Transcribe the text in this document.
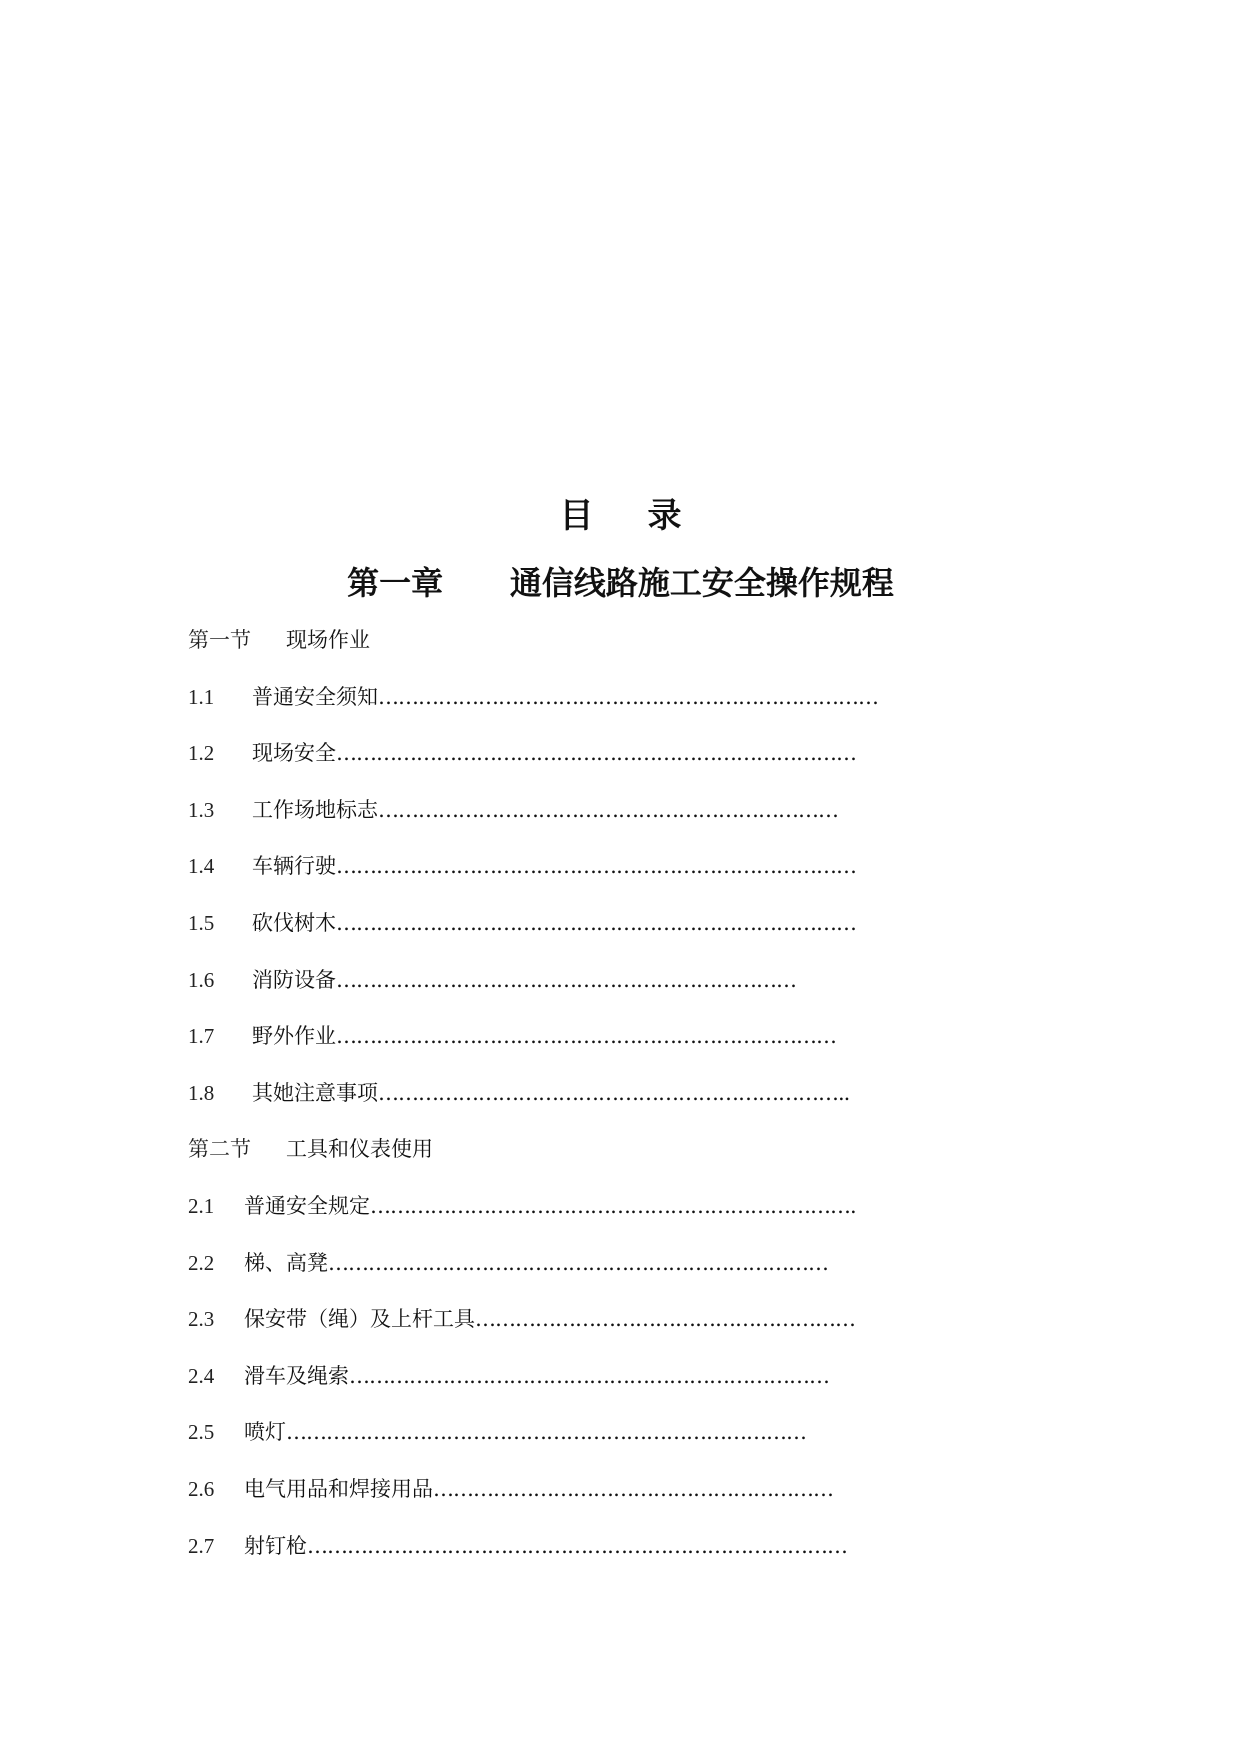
目录
第一章      通信线路施工安全操作规程
第一节 现场作业
1.1 普通安全须知…………………………………………………………………
1.2 现场安全……………………………………………………………………
1.3 工作场地标志……………………………………………………………
1.4 车辆行驶……………………………………………………………………
1.5 砍伐树木……………………………………………………………………
1.6 消防设备……………………………………………………………
1.7 野外作业…………………………………………………………………
1.8 其她注意事项……………………………………………………………..
第二节 工具和仪表使用
2.1 普通安全规定……………………………………………………………….
2.2 梯、高凳…………………………………………………………………
2.3 保安带（绳）及上杆工具…………………………………………………
2.4 滑车及绳索………………………………………………………………
2.5 喷灯……………………………………………………………………
2.6 电气用品和焊接用品……………………………………………………
2.7 射钉枪………………………………………………………………………
